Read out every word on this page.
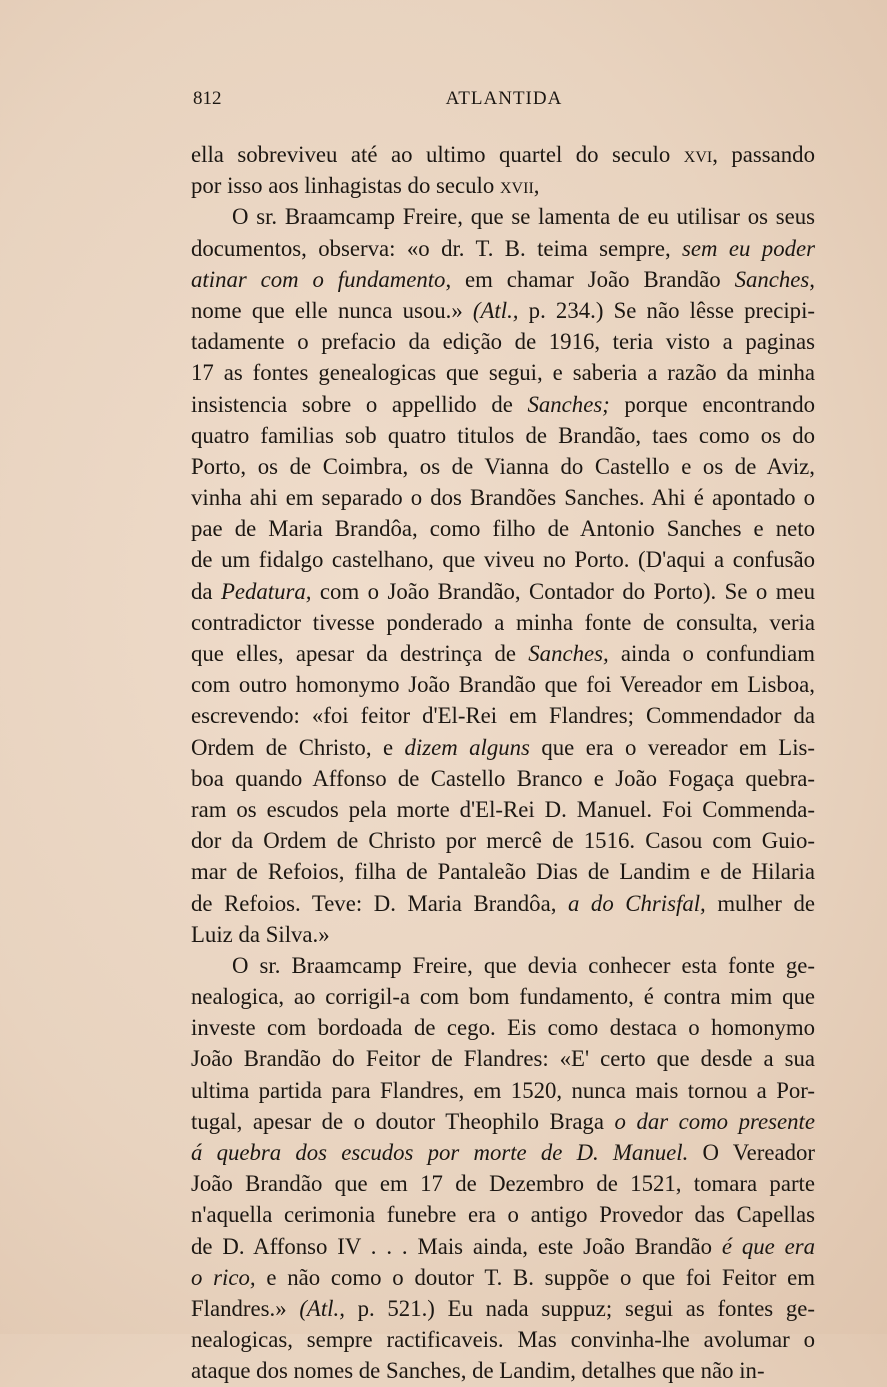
812	ATLANTIDA
ella sobreviveu até ao ultimo quartel do seculo xvi, passando
por isso aos linhagistas do seculo xvii,
O sr. Braamcamp Freire, que se lamenta de eu utilisar os seus
documentos, observa: «o dr. T. B. teima sempre, sem eu poder
atinar com o fundamento, em chamar João Brandão Sanches,
nome que elle nunca usou.» (Atl., p. 234.) Se não lêsse precipi-
tadamente o prefacio da edição de 1916, teria visto a paginas
17 as fontes genealogicas que segui, e saberia a razão da minha
insistencia sobre o appellido de Sanches; porque encontrando
quatro familias sob quatro titulos de Brandão, taes como os do
Porto, os de Coimbra, os de Vianna do Castello e os de Aviz,
vinha ahi em separado o dos Brandões Sanches. Ahi é apontado o
pae de Maria Brandôa, como filho de Antonio Sanches e neto
de um fidalgo castelhano, que viveu no Porto. (D'aqui a confusão
da Pedatura, com o João Brandão, Contador do Porto). Se o meu
contradictor tivesse ponderado a minha fonte de consulta, veria
que elles, apesar da destrinça de Sanches, ainda o confundiam
com outro homonymo João Brandão que foi Vereador em Lisboa,
escrevendo: «foi feitor d'El-Rei em Flandres; Commendador da
Ordem de Christo, e dizem alguns que era o vereador em Lis-
boa quando Affonso de Castello Branco e João Fogaça quebra-
ram os escudos pela morte d'El-Rei D. Manuel. Foi Commenda-
dor da Ordem de Christo por mercê de 1516. Casou com Guio-
mar de Refoios, filha de Pantaleão Dias de Landim e de Hilaria
de Refoios. Teve: D. Maria Brandôa, a do Chrisfal, mulher de
Luiz da Silva.»
O sr. Braamcamp Freire, que devia conhecer esta fonte ge-
nealogica, ao corrigil-a com bom fundamento, é contra mim que
investe com bordoada de cego. Eis como destaca o homonymo
João Brandão do Feitor de Flandres: «E' certo que desde a sua
ultima partida para Flandres, em 1520, nunca mais tornou a Por-
tugal, apesar de o doutor Theophilo Braga o dar como presente
á quebra dos escudos por morte de D. Manuel. O Vereador
João Brandão que em 17 de Dezembro de 1521, tomara parte
n'aquella cerimonia funebre era o antigo Provedor das Capellas
de D. Affonso IV . . . Mais ainda, este João Brandão é que era
o rico, e não como o doutor T. B. suppõe o que foi Feitor em
Flandres.» (Atl., p. 521.) Eu nada suppuz; segui as fontes ge-
nealogicas, sempre ractificaveis. Mas convinha-lhe avolumar o
ataque dos nomes de Sanches, de Landim, detalhes que não in-
